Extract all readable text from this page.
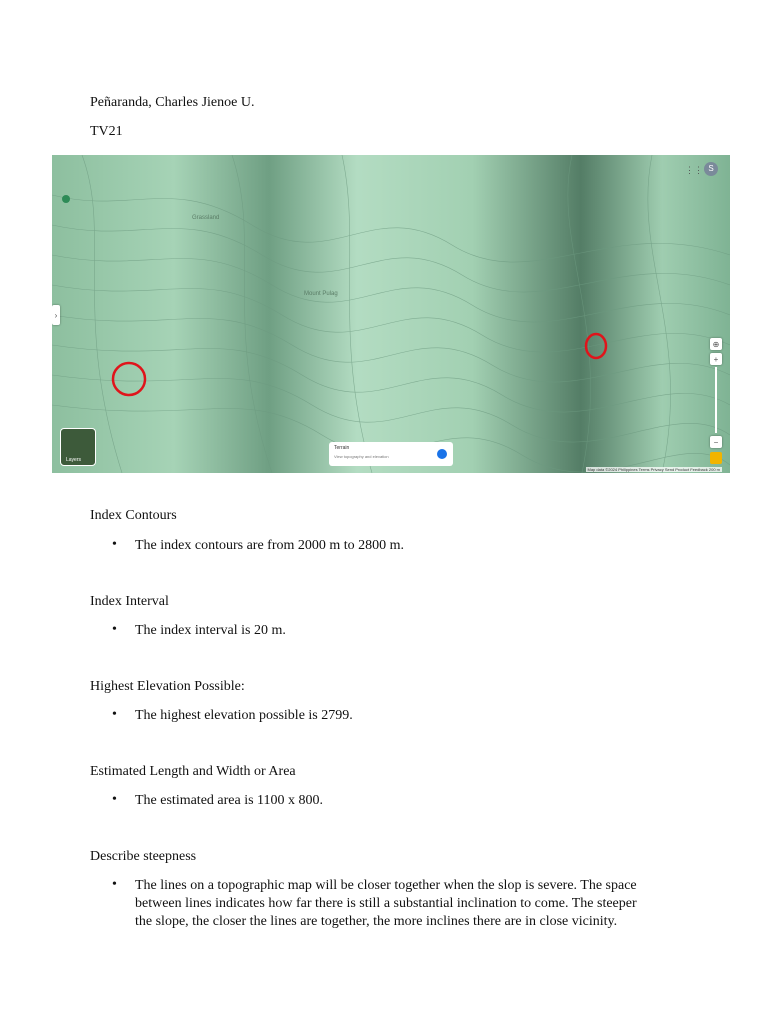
Peñaranda, Charles Jienoe U.
TV21
Mount Pulag
Grassland
›
⋮⋮ S
Layers
Terrain
View topography and elevation
⊕
+
−
Map data ©2024 Philippines Terms Privacy Send Product Feedback 200 m
Index Contours
• The index contours are from 2000 m to 2800 m.
Index Interval
• The index interval is 20 m.
Highest Elevation Possible:
• The highest elevation possible is 2799.
Estimated Length and Width or Area
• The estimated area is 1100 x 800.
Describe steepness
• The lines on a topographic map will be closer together when the slop is severe. The space between lines indicates how far there is still a substantial inclination to come. The steeper the slope, the closer the lines are together, the more inclines there are in close vicinity.
